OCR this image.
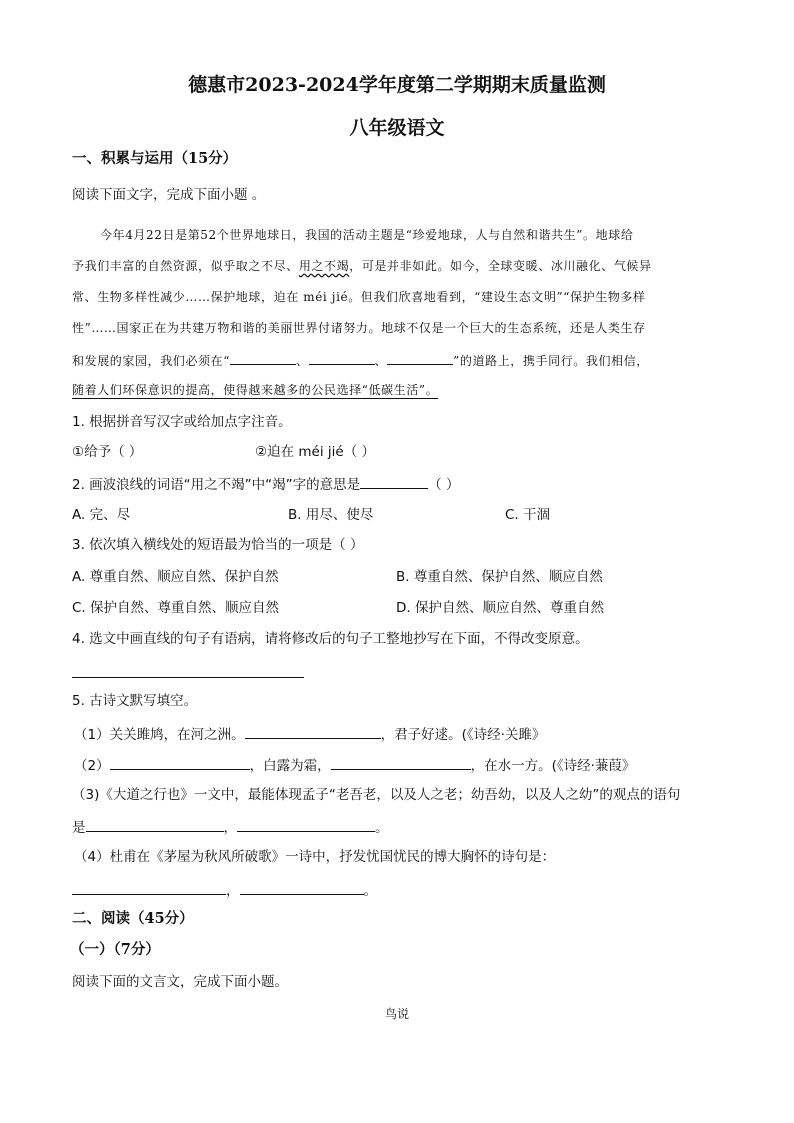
德惠市2023-2024学年度第二学期期末质量监测
八年级语文
一、积累与运用（15分）
阅读下面文字，完成下面小题 。
今年4月22日是第52个世界地球日，我国的活动主题是“珍爱地球，人与自然和谐共生”。地球给
予我们丰富的自然资源，似乎取之不尽、用之不竭，可是并非如此。如今，全球变暖、冰川融化、气候异
常、生物多样性减少……保护地球，迫在 méi jié。但我们欣喜地看到，“建设生态文明”“保护生物多样
性”……国家正在为共建万物和谐的美丽世界付诸努力。地球不仅是一个巨大的生态系统，还是人类生存
和发展的家园，我们必须在“	、	、	”的道路上，携手同行。我们相信，
随着人们环保意识的提高，使得越来越多的公民选择“低碳生活”。
1. 根据拼音写汉字或给加点字注音。
①给予（ ）	②迫在 méi jié（ ）
2. 画波浪线的词语“用之不竭”中“竭”字的意思是	（ ）
A. 完、尽	B. 用尽、使尽	C. 干涸
3. 依次填入横线处的短语最为恰当的一项是（ ）
A. 尊重自然、顺应自然、保护自然	B. 尊重自然、保护自然、顺应自然
C. 保护自然、尊重自然、顺应自然	D. 保护自然、顺应自然、尊重自然
4. 选文中画直线的句子有语病，请将修改后的句子工整地抄写在下面，不得改变原意。
5. 古诗文默写填空。
（1）关关雎鸠，在河之洲。	，君子好逑。(《诗经·关雎》
（2）	，白露为霜，	，在水一方。(《诗经·蒹葭》
（3)《大道之行也》一文中，最能体现孟子“老吾老，以及人之老；幼吾幼，以及人之幼”的观点的语句
是	，	。
（4）杜甫在《茅屋为秋风所破歌》一诗中，抒发忧国忧民的博大胸怀的诗句是：
，	。
二、阅读（45分）
（一）（7分）
阅读下面的文言文，完成下面小题。
鸟说
